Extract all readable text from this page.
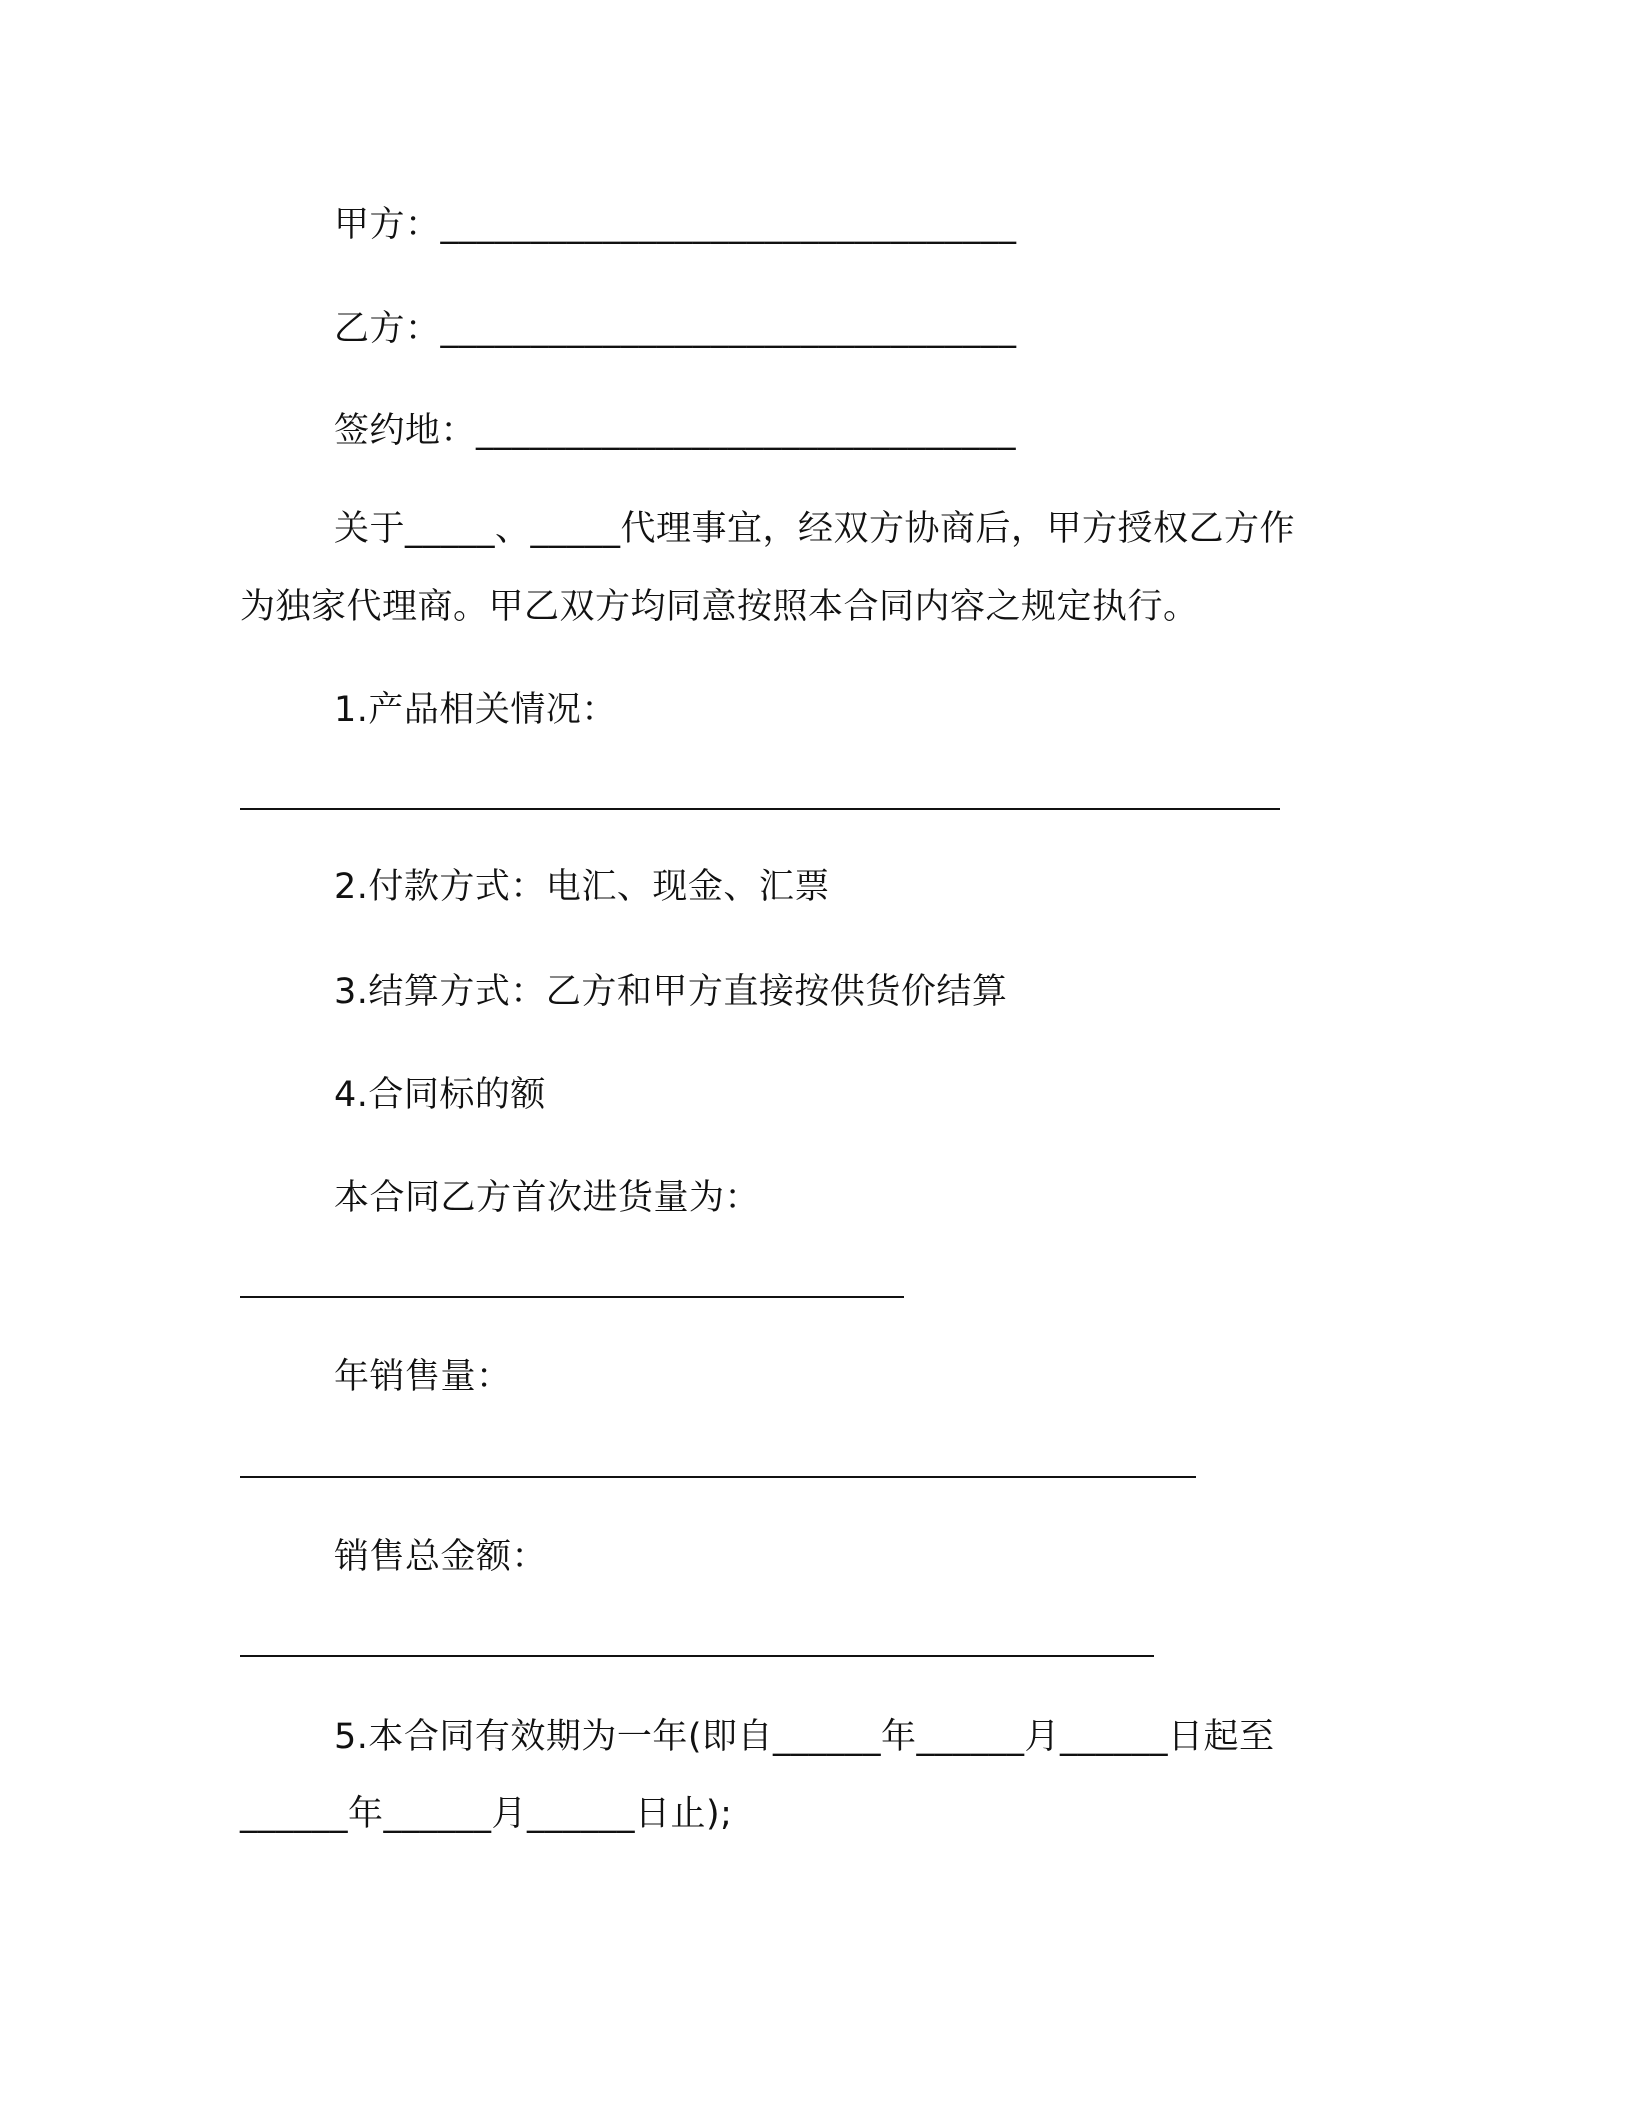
甲方：________________________________
乙方：________________________________
签约地：______________________________
关于_____、_____代理事宜，经双方协商后，甲方授权乙方作
为独家代理商。甲乙双方均同意按照本合同内容之规定执行。
1.产品相关情况：
2.付款方式：电汇、现金、汇票
3.结算方式：乙方和甲方直接按供货价结算
4.合同标的额
本合同乙方首次进货量为：
年销售量：
销售总金额：
5.本合同有效期为一年(即自______年______月______日起至
______年______月______日止);
